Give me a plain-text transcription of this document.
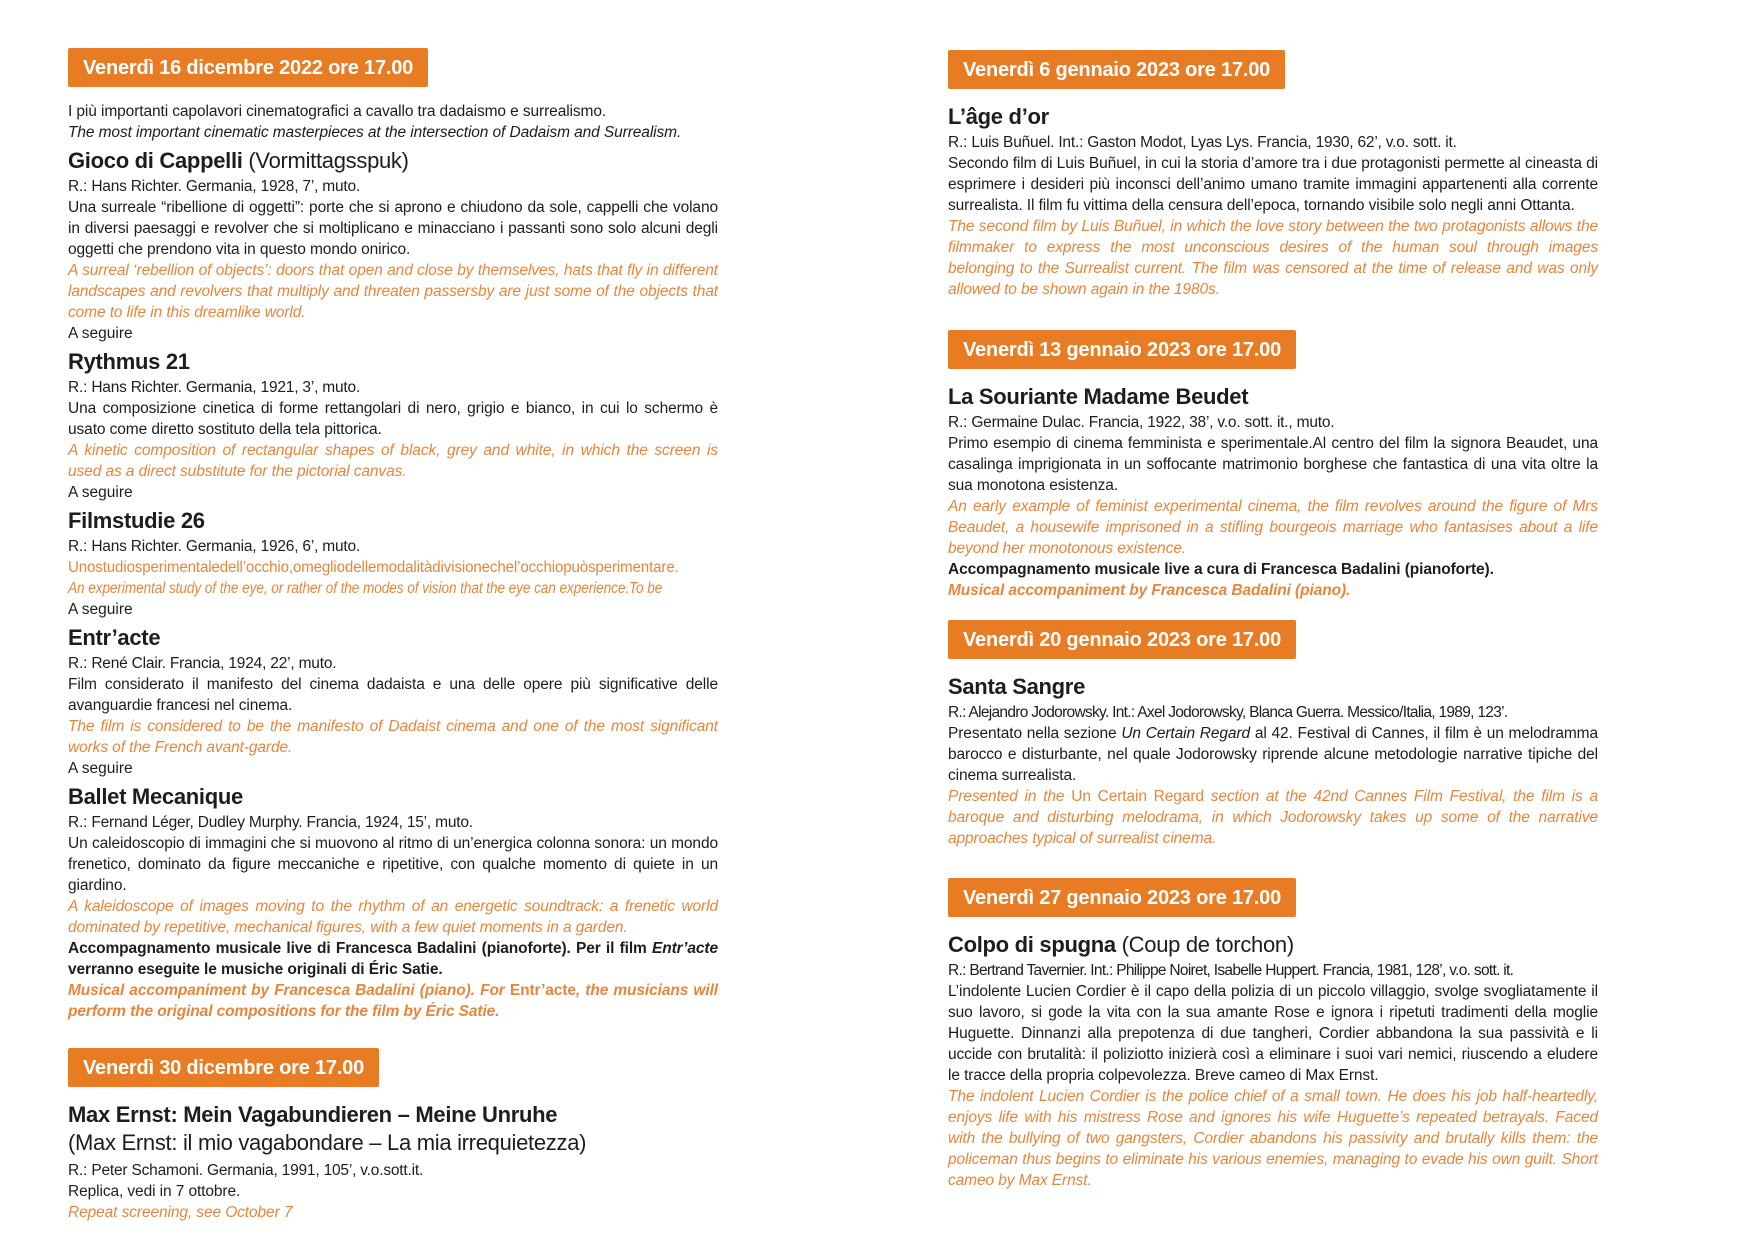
Venerdì 16 dicembre 2022 ore 17.00
I più importanti capolavori cinematografici a cavallo tra dadaismo e surrealismo.
The most important cinematic masterpieces at the intersection of Dadaism and Surrealism.
Gioco di Cappelli (Vormittagsspuk)
R.: Hans Richter. Germania, 1928, 7’, muto.

Una surreale “ribellione di oggetti”: porte che si aprono e chiudono da sole, cappelli che volano in diversi paesaggi e revolver che si moltiplicano e minacciano i passanti sono solo alcuni degli oggetti che prendono vita in questo mondo onirico.

A surreal ‘rebellion of objects’: doors that open and close by themselves, hats that fly in different landscapes and revolvers that multiply and threaten passersby are just some of the objects that come to life in this dreamlike world.

A seguire
Rythmus 21
R.: Hans Richter. Germania, 1921, 3’, muto.

Una composizione cinetica di forme rettangolari di nero, grigio e bianco, in cui lo schermo è usato come diretto sostituto della tela pittorica.

A kinetic composition of rectangular shapes of black, grey and white, in which the screen is used as a direct substitute for the pictorial canvas.

A seguire
Filmstudie 26
R.: Hans Richter. Germania, 1926, 6’, muto.

Unostudiosperimentaledell’occhio,omegliodellemodalitàdivisionechel’occhiopuòsperimentare.

An experimental study of the eye, or rather of the modes of vision that the eye can experience.To be

A seguire
Entr’acte
R.: René Clair. Francia, 1924, 22’, muto.

Film considerato il manifesto del cinema dadaista e una delle opere più significative delle avanguardie francesi nel cinema.

The film is considered to be the manifesto of Dadaist cinema and one of the most significant works of the French avant-garde.

A seguire
Ballet Mecanique
R.: Fernand Léger, Dudley Murphy. Francia, 1924, 15’, muto.

Un caleidoscopio di immagini che si muovono al ritmo di un’energica colonna sonora: un mondo frenetico, dominato da figure meccaniche e ripetitive, con qualche momento di quiete in un giardino.

A kaleidoscope of images moving to the rhythm of an energetic soundtrack: a frenetic world dominated by repetitive, mechanical figures, with a few quiet moments in a garden.

Accompagnamento musicale live di Francesca Badalini (pianoforte). Per il film Entr’acte verranno eseguite le musiche originali di Éric Satie.

Musical accompaniment by Francesca Badalini (piano). For Entr’acte, the musicians will perform the original compositions for the film by Éric Satie.

Venerdì 30 dicembre ore 17.00
Max Ernst: Mein Vagabundieren – Meine Unruhe
(Max Ernst: il mio vagabondare – La mia irrequietezza)
R.: Peter Schamoni. Germania, 1991, 105’, v.o.sott.it.
Replica, vedi in 7 ottobre.
Repeat screening, see October 7
Venerdì 6 gennaio 2023 ore 17.00
L’âge d’or
R.: Luis Buñuel. Int.: Gaston Modot, Lyas Lys. Francia, 1930, 62’, v.o. sott. it.

Secondo film di Luis Buñuel, in cui la storia d’amore tra i due protagonisti permette al cineasta di esprimere i desideri più inconsci dell’animo umano tramite immagini appartenenti alla corrente surrealista. Il film fu vittima della censura dell’epoca, tornando visibile solo negli anni Ottanta.

The second film by Luis Buñuel, in which the love story between the two protagonists allows the filmmaker to express the most unconscious desires of the human soul through images belonging to the Surrealist current. The film was censored at the time of release and was only allowed to be shown again in the 1980s.

Venerdì 13 gennaio 2023 ore 17.00
La Souriante Madame Beudet
R.: Germaine Dulac. Francia, 1922, 38’, v.o. sott. it., muto.

Primo esempio di cinema femminista e sperimentale.Al centro del film la signora Beaudet, una casalinga imprigionata in un soffocante matrimonio borghese che fantastica di una vita oltre la sua monotona esistenza.

An early example of feminist experimental cinema, the film revolves around the figure of Mrs Beaudet, a housewife imprisoned in a stifling bourgeois marriage who fantasises about a life beyond her monotonous existence.

Accompagnamento musicale live a cura di Francesca Badalini (pianoforte).

Musical accompaniment by Francesca Badalini (piano).

Venerdì 20 gennaio 2023 ore 17.00
Santa Sangre
R.: Alejandro Jodorowsky. Int.: Axel Jodorowsky, Blanca Guerra. Messico/Italia, 1989, 123’.

Presentato nella sezione Un Certain Regard al 42. Festival di Cannes, il film è un melodramma barocco e disturbante, nel quale Jodorowsky riprende alcune metodologie narrative tipiche del cinema surrealista.

Presented in the Un Certain Regard section at the 42nd Cannes Film Festival, the film is a baroque and disturbing melodrama, in which Jodorowsky takes up some of the narrative approaches typical of surrealist cinema.

Venerdì 27 gennaio 2023 ore 17.00
Colpo di spugna (Coup de torchon)
R.: Bertrand Tavernier. Int.: Philippe Noiret, Isabelle Huppert. Francia, 1981, 128’, v.o. sott. it.

L’indolente Lucien Cordier è il capo della polizia di un piccolo villaggio, svolge svogliatamente il suo lavoro, si gode la vita con la sua amante Rose e ignora i ripetuti tradimenti della moglie Huguette. Dinnanzi alla prepotenza di due tangheri, Cordier abbandona la sua passività e li uccide con brutalità: il poliziotto inizierà così a eliminare i suoi vari nemici, riuscendo a eludere le tracce della propria colpevolezza. Breve cameo di Max Ernst.

The indolent Lucien Cordier is the police chief of a small town. He does his job half-heartedly, enjoys life with his mistress Rose and ignores his wife Huguette’s repeated betrayals. Faced with the bullying of two gangsters, Cordier abandons his passivity and brutally kills them: the policeman thus begins to eliminate his various enemies, managing to evade his own guilt. Short cameo by Max Ernst.
